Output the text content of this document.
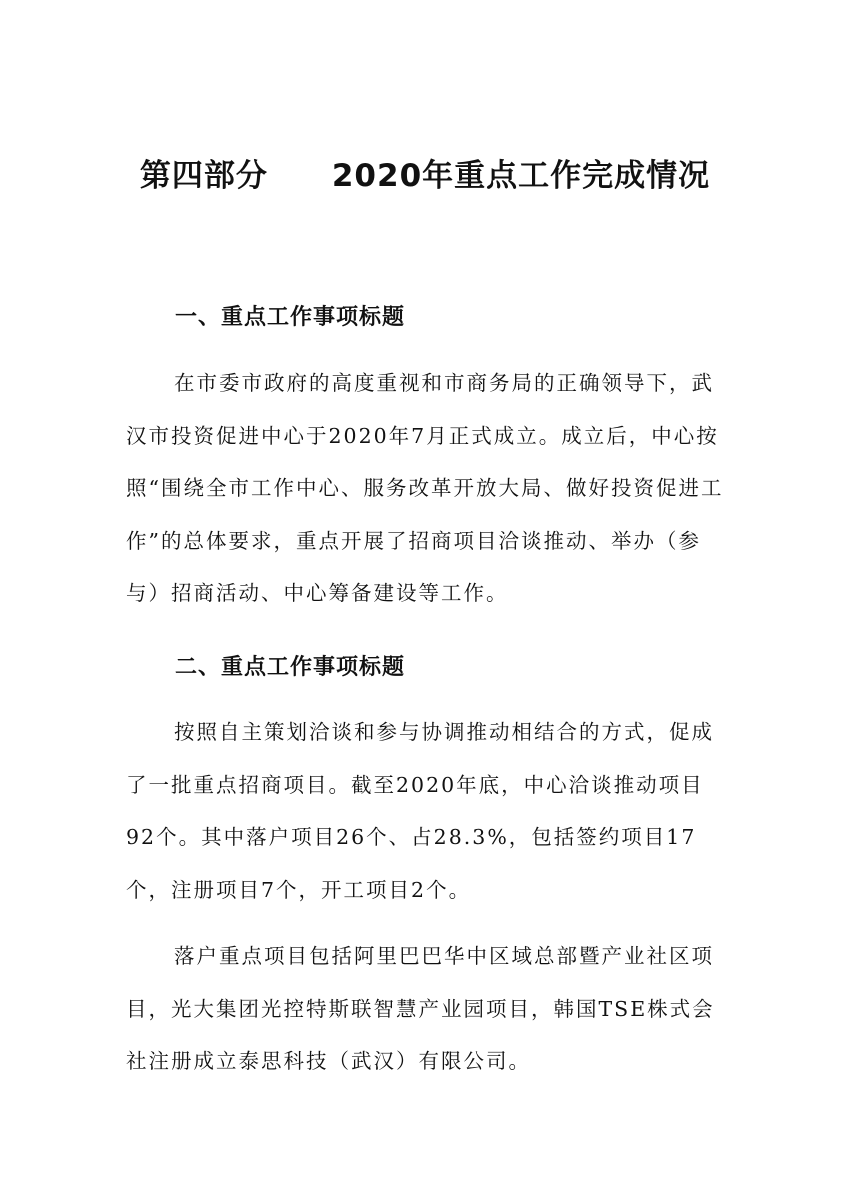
第四部分　　2020年重点工作完成情况
一、重点工作事项标题

在市委市政府的高度重视和市商务局的正确领导下，武汉市投资促进中心于2020年7月正式成立。成立后，中心按照“围绕全市工作中心、服务改革开放大局、做好投资促进工作”的总体要求，重点开展了招商项目洽谈推动、举办（参与）招商活动、中心筹备建设等工作。

二、重点工作事项标题

按照自主策划洽谈和参与协调推动相结合的方式，促成了一批重点招商项目。截至2020年底，中心洽谈推动项目92个。其中落户项目26个、占28.3%，包括签约项目17个，注册项目7个，开工项目2个。

落户重点项目包括阿里巴巴华中区域总部暨产业社区项目，光大集团光控特斯联智慧产业园项目，韩国TSE株式会社注册成立泰思科技（武汉）有限公司。
